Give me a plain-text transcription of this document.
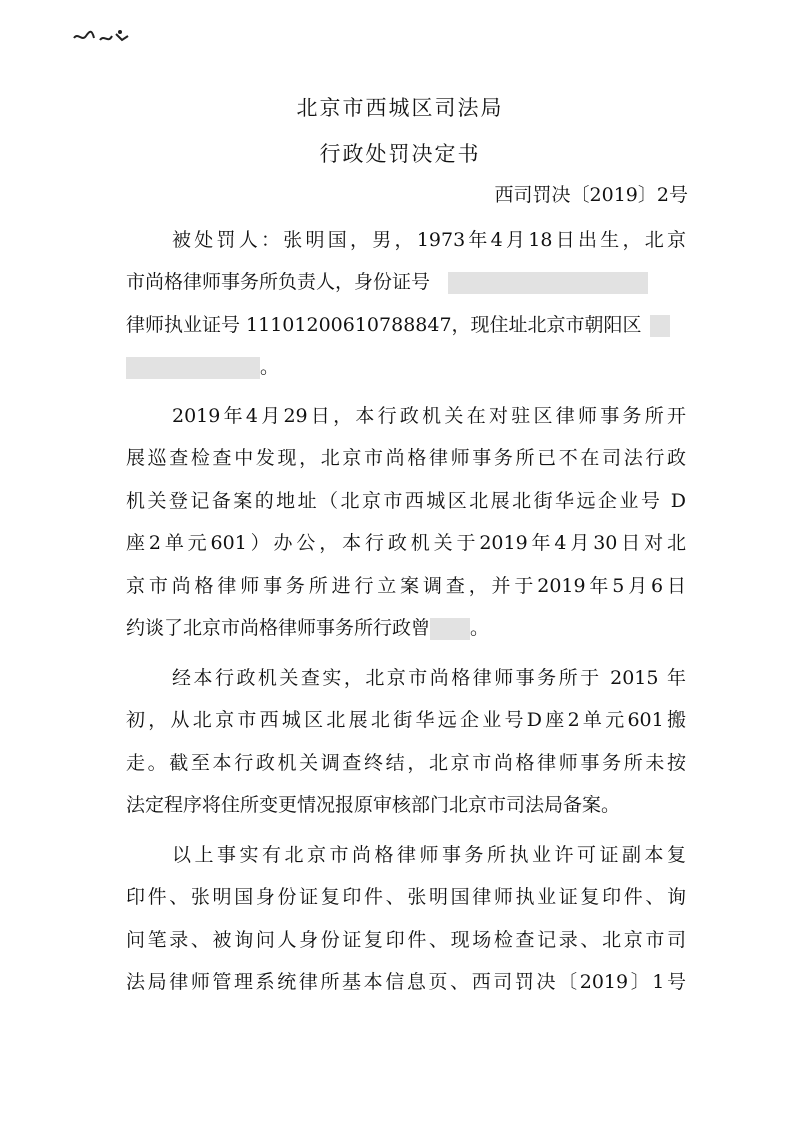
北京市西城区司法局
行政处罚决定书
西司罚决〔2019〕2号
被处罚人：张明国，男，1973年4月18日出生，北京
市尚格律师事务所负责人，身份证号
律师执业证号 11101200610788847，现住址北京市朝阳区
。
2019年4月29日，本行政机关在对驻区律师事务所开
展巡查检查中发现，北京市尚格律师事务所已不在司法行政
机关登记备案的地址（北京市西城区北展北街华远企业号 D
座2单元601）办公，本行政机关于2019年4月30日对北
京市尚格律师事务所进行立案调查，并于2019年5月6日
约谈了北京市尚格律师事务所行政曾 。
经本行政机关查实，北京市尚格律师事务所于 2015 年
初，从北京市西城区北展北街华远企业号D座2单元601搬
走。截至本行政机关调查终结，北京市尚格律师事务所未按
法定程序将住所变更情况报原审核部门北京市司法局备案。
以上事实有北京市尚格律师事务所执业许可证副本复
印件、张明国身份证复印件、张明国律师执业证复印件、询
问笔录、被询问人身份证复印件、现场检查记录、北京市司
法局律师管理系统律所基本信息页、西司罚决〔2019〕1号
